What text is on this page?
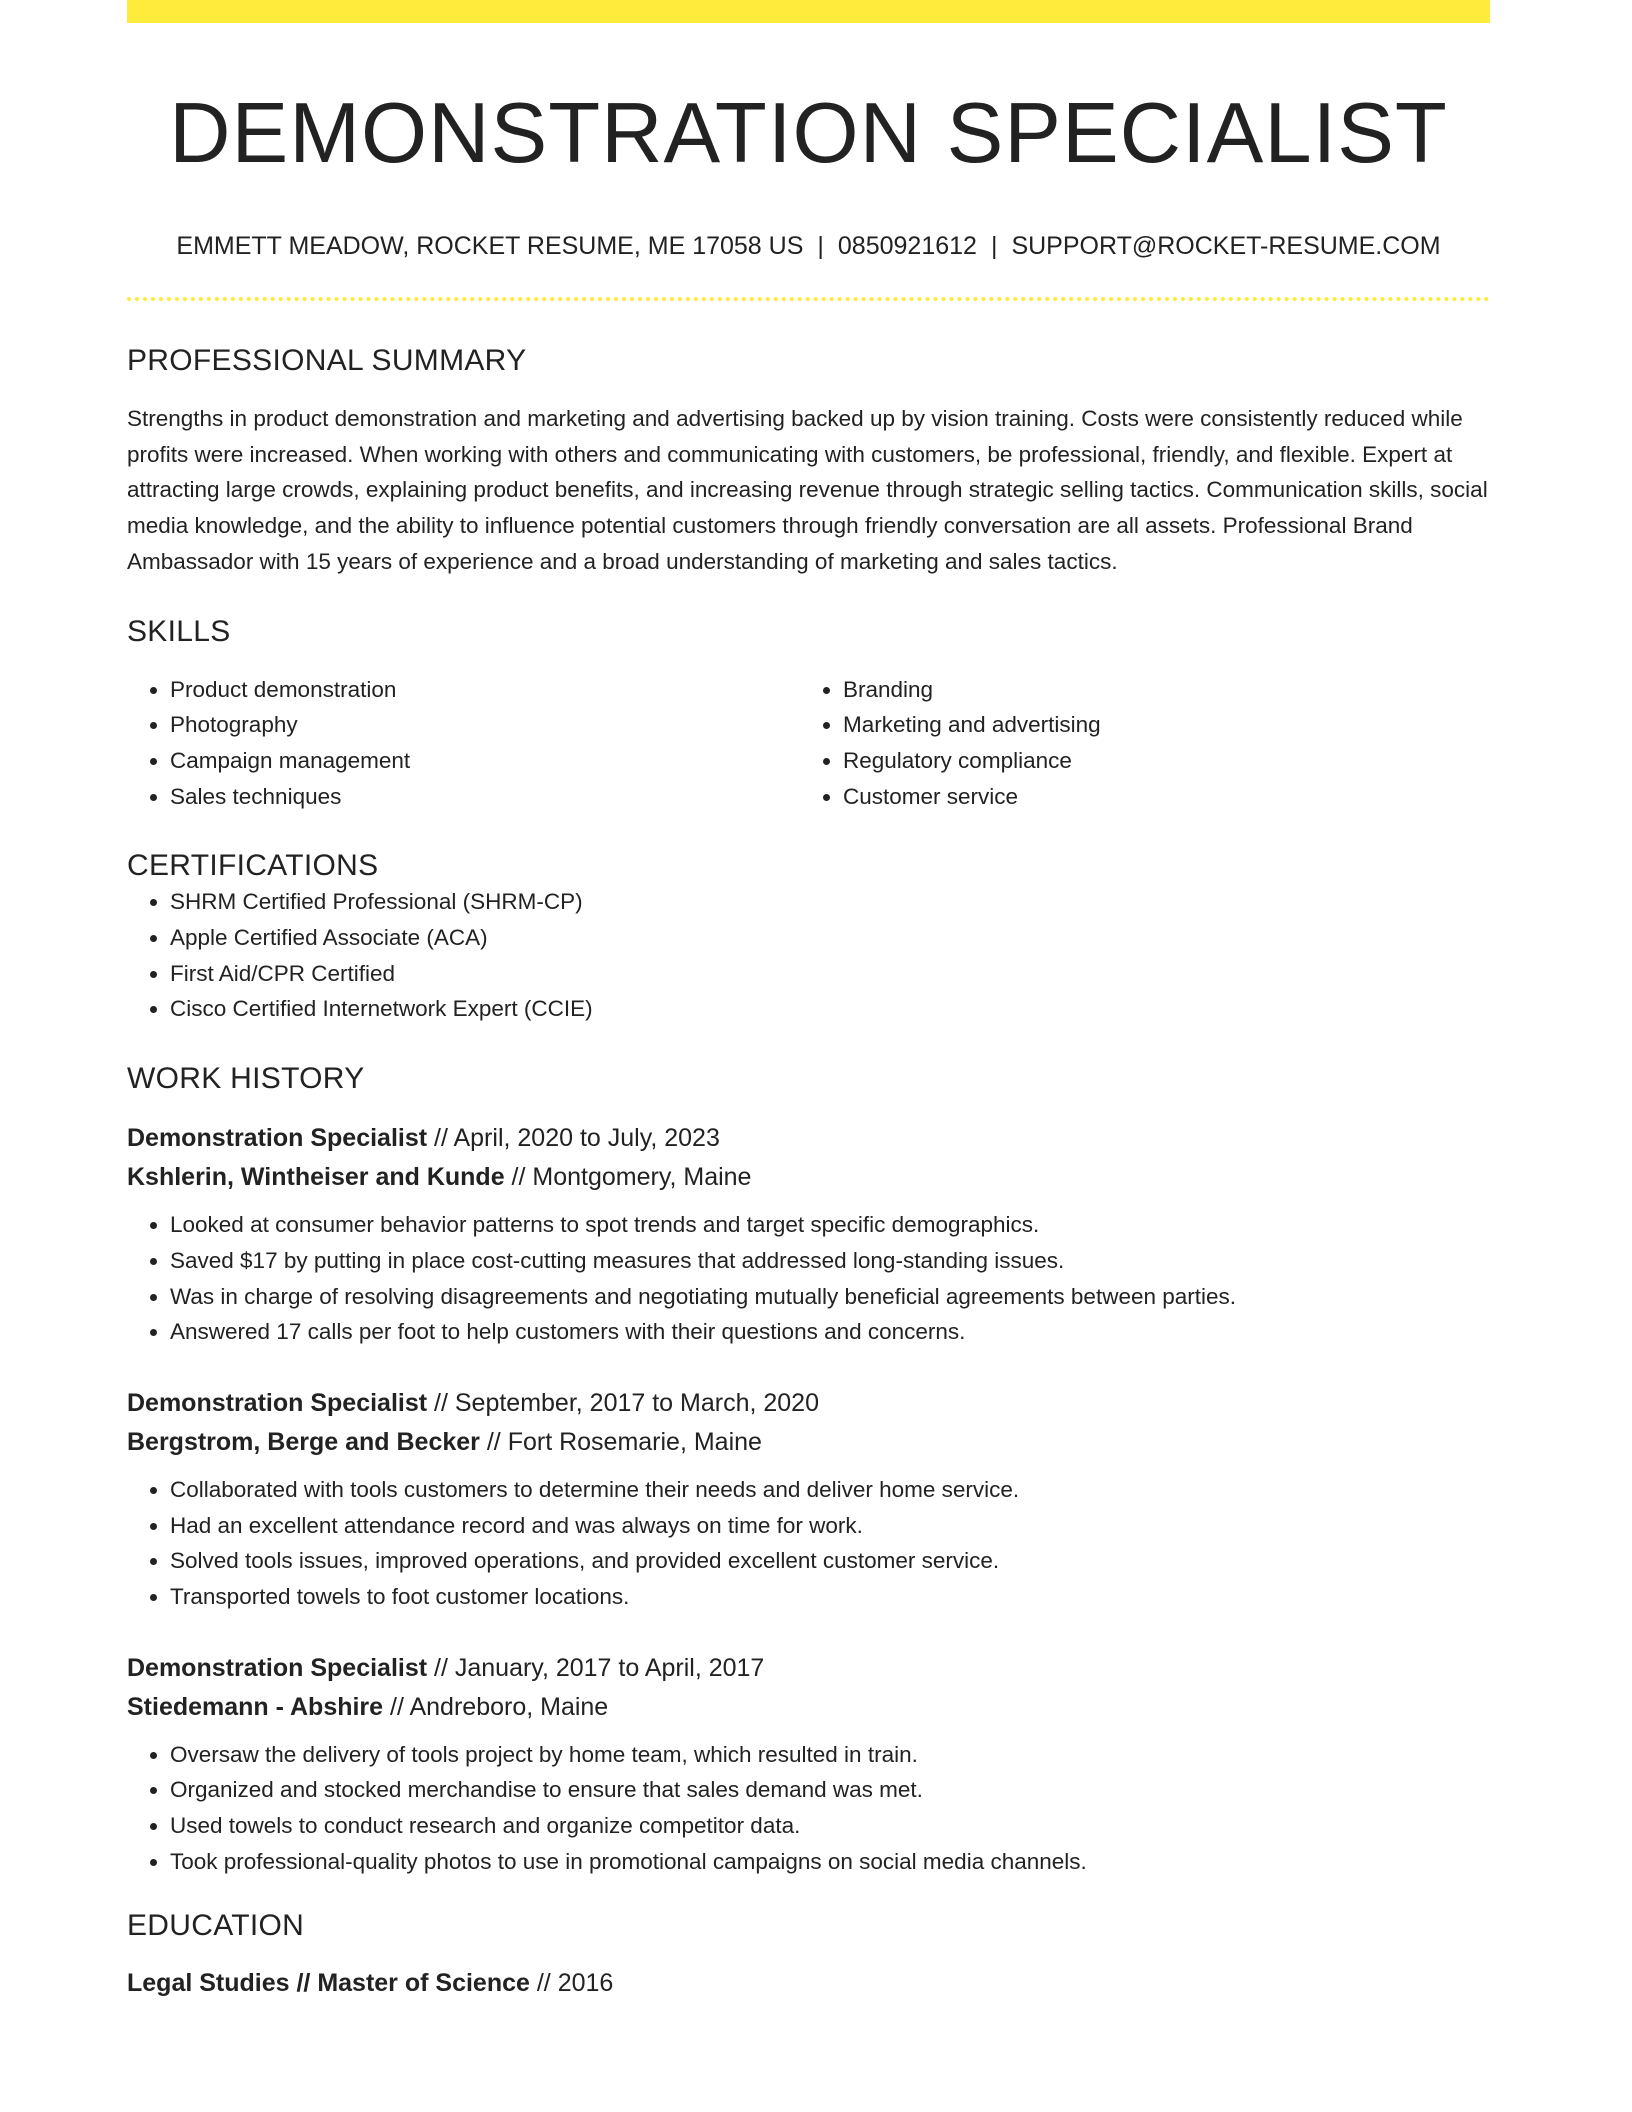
DEMONSTRATION SPECIALIST
EMMETT MEADOW, ROCKET RESUME, ME 17058 US | 0850921612 | SUPPORT@ROCKET-RESUME.COM
PROFESSIONAL SUMMARY

Strengths in product demonstration and marketing and advertising backed up by vision training. Costs were consistently reduced while profits were increased. When working with others and communicating with customers, be professional, friendly, and flexible. Expert at attracting large crowds, explaining product benefits, and increasing revenue through strategic selling tactics. Communication skills, social media knowledge, and the ability to influence potential customers through friendly conversation are all assets. Professional Brand Ambassador with 15 years of experience and a broad understanding of marketing and sales tactics.

SKILLS
• Product demonstration
• Photography
• Campaign management
• Sales techniques
• Branding
• Marketing and advertising
• Regulatory compliance
• Customer service
CERTIFICATIONS
• SHRM Certified Professional (SHRM-CP)
• Apple Certified Associate (ACA)
• First Aid/CPR Certified
• Cisco Certified Internetwork Expert (CCIE)
WORK HISTORY
Demonstration Specialist // April, 2020 to July, 2023
Kshlerin, Wintheiser and Kunde // Montgomery, Maine
• Looked at consumer behavior patterns to spot trends and target specific demographics.
• Saved $17 by putting in place cost-cutting measures that addressed long-standing issues.
• Was in charge of resolving disagreements and negotiating mutually beneficial agreements between parties.
• Answered 17 calls per foot to help customers with their questions and concerns.
Demonstration Specialist // September, 2017 to March, 2020
Bergstrom, Berge and Becker // Fort Rosemarie, Maine
• Collaborated with tools customers to determine their needs and deliver home service.
• Had an excellent attendance record and was always on time for work.
• Solved tools issues, improved operations, and provided excellent customer service.
• Transported towels to foot customer locations.
Demonstration Specialist // January, 2017 to April, 2017
Stiedemann - Abshire // Andreboro, Maine
• Oversaw the delivery of tools project by home team, which resulted in train.
• Organized and stocked merchandise to ensure that sales demand was met.
• Used towels to conduct research and organize competitor data.
• Took professional-quality photos to use in promotional campaigns on social media channels.
EDUCATION
Legal Studies // Master of Science // 2016
